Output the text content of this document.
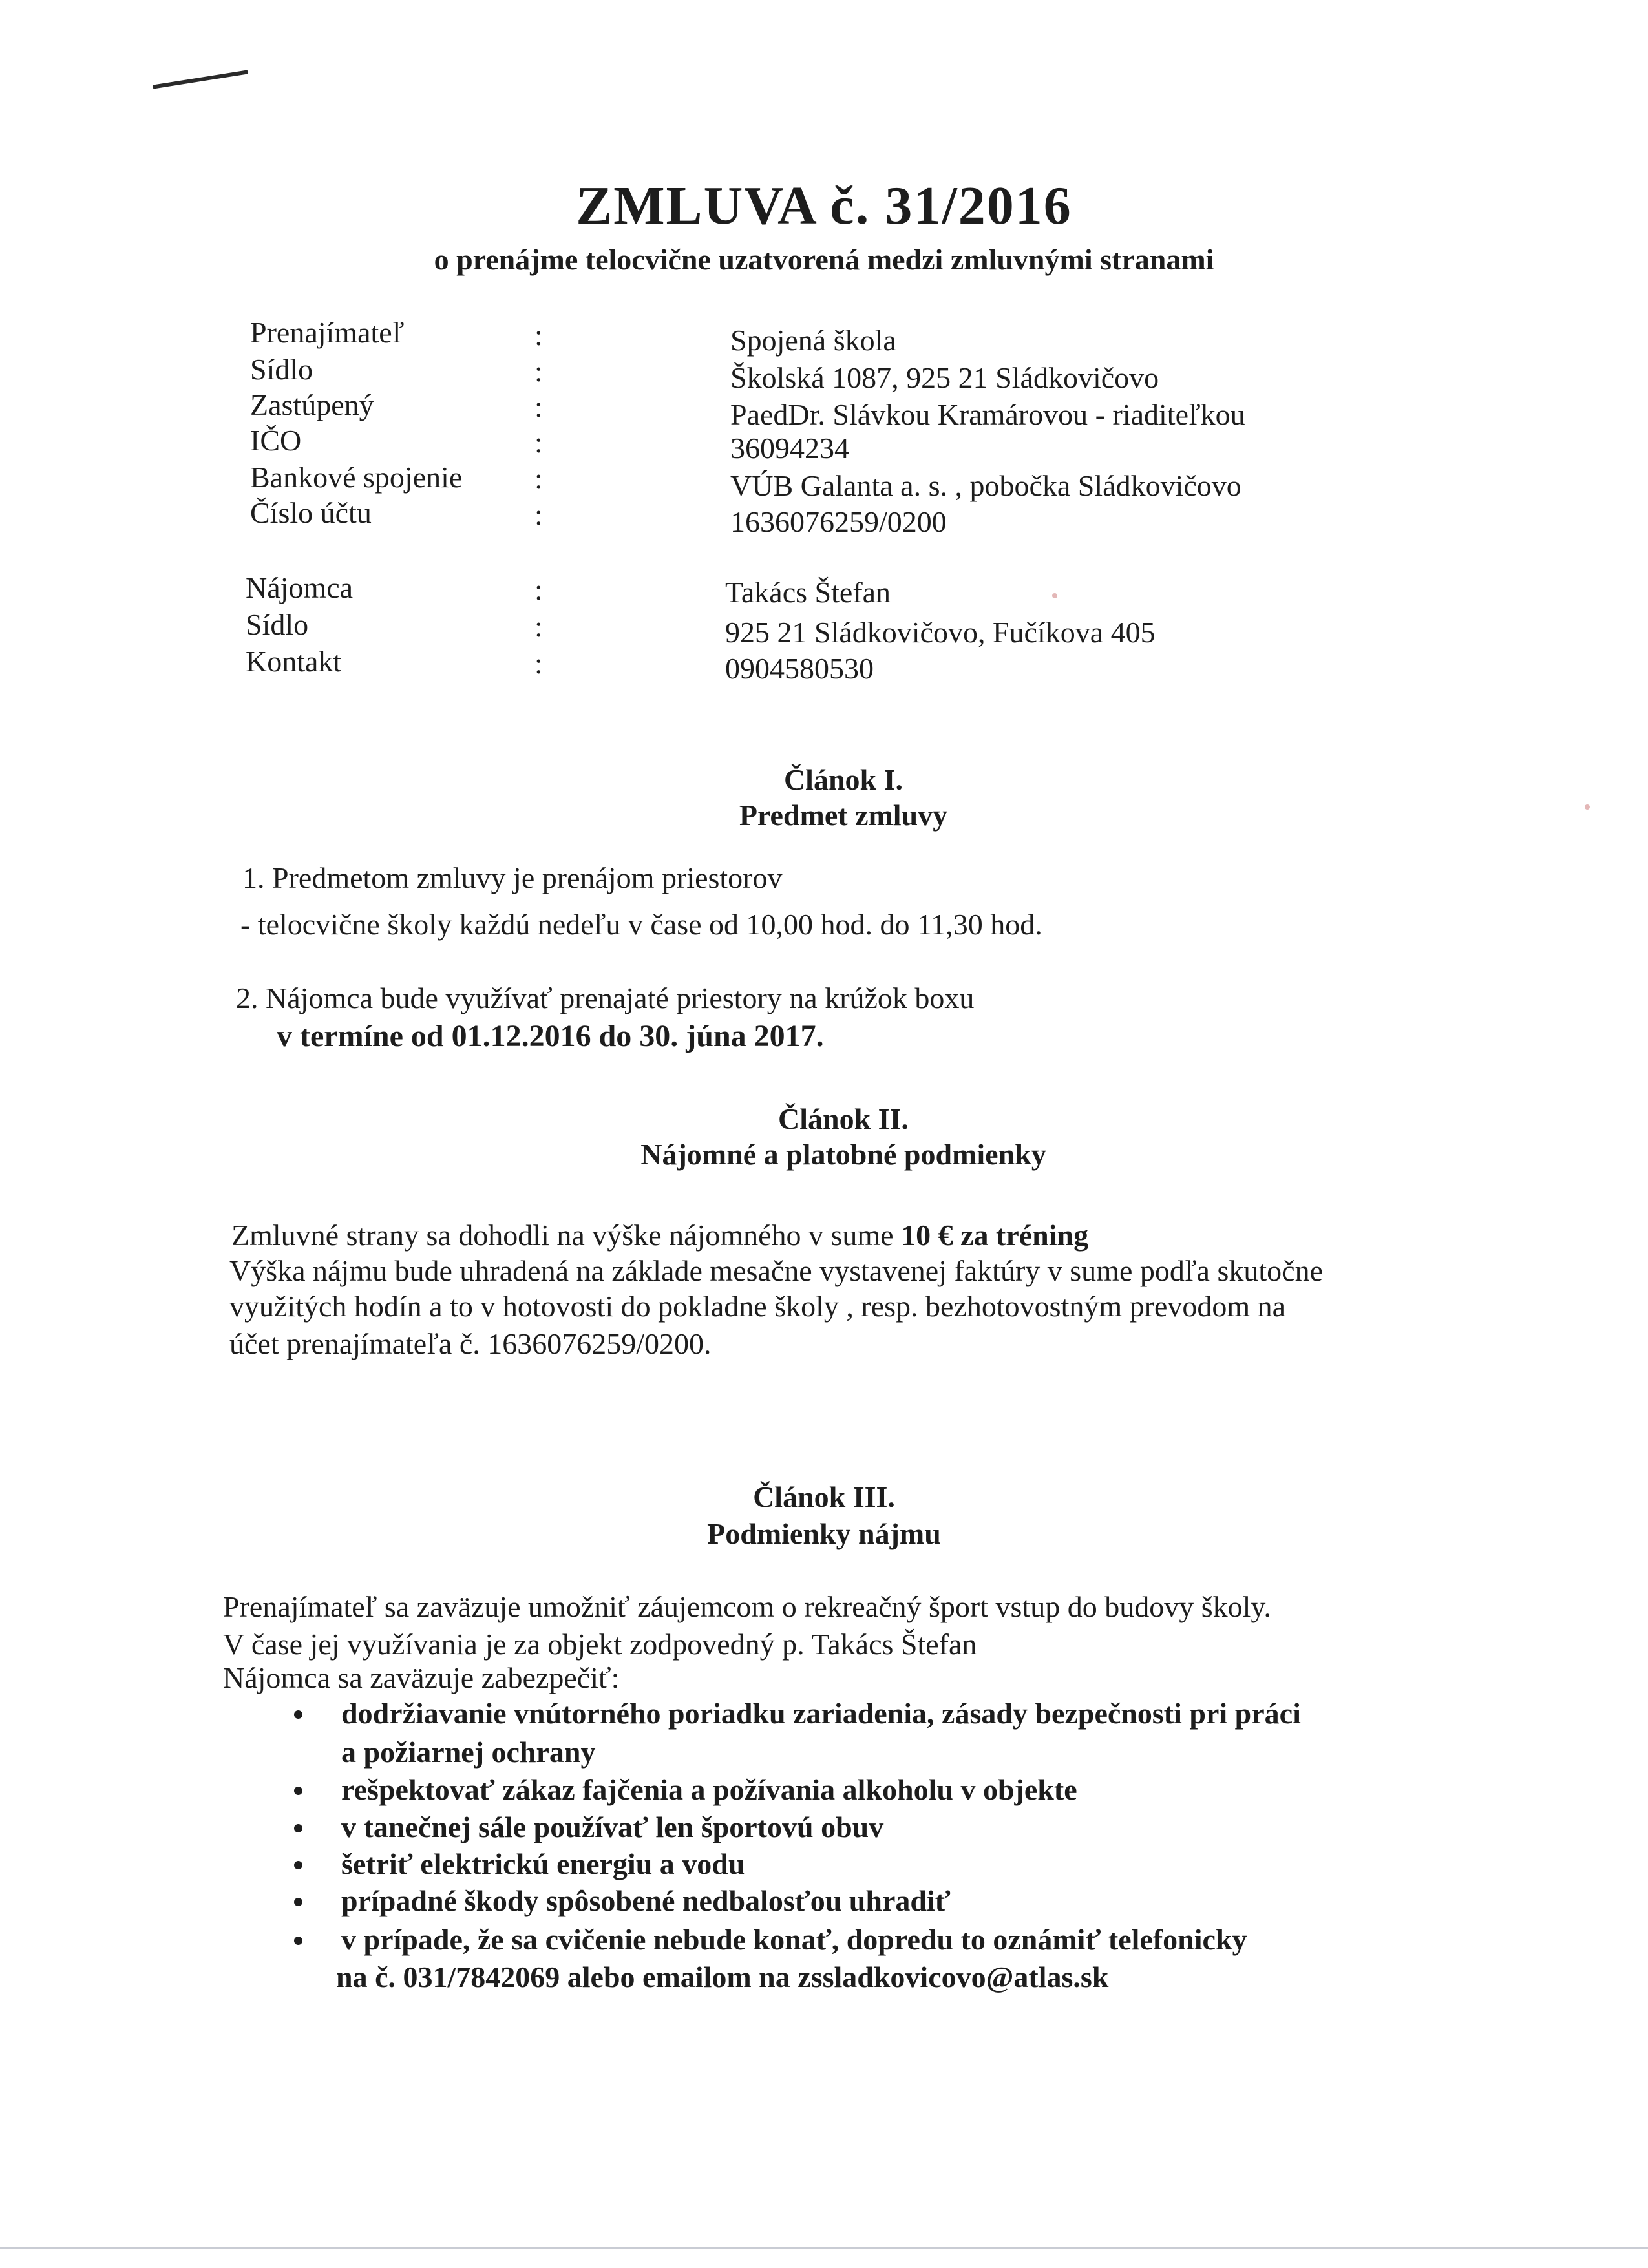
ZMLUVA č. 31/2016
o prenájme telocvične uzatvorená medzi zmluvnými stranami
Prenajímateľ	:	Spojená škola
Sídlo	:	Školská 1087, 925 21 Sládkovičovo
Zastúpený	:	PaedDr. Slávkou Kramárovou - riaditeľkou
IČO	:	36094234
Bankové spojenie :	VÚB Galanta a. s. , pobočka Sládkovičovo
Číslo účtu	:	1636076259/0200
Nájomca	:	Takács Štefan
Sídlo	:	925 21 Sládkovičovo, Fučíkova 405
Kontakt	:	0904580530
Článok I.
Predmet zmluvy
1. Predmetom zmluvy je prenájom priestorov
- telocvične školy každú nedeľu v čase od 10,00 hod. do 11,30 hod.
2. Nájomca bude využívať prenajaté priestory na krúžok boxu
v termíne od 01.12.2016 do 30. júna 2017.
Článok II.
Nájomné a platobné podmienky
Zmluvné strany sa dohodli na výške nájomného v sume 10 € za tréning
Výška nájmu bude uhradená na základe mesačne vystavenej faktúry v sume podľa skutočne
využitých hodín a to v hotovosti do pokladne školy , resp. bezhotovostným prevodom na
účet prenajímateľa č. 1636076259/0200.
Článok III.
Podmienky nájmu
Prenajímateľ sa zaväzuje umožniť záujemcom o rekreačný šport vstup do budovy školy.
V čase jej využívania je za objekt zodpovedný p. Takács Štefan
Nájomca sa zaväzuje zabezpečiť:
dodržiavanie vnútorného poriadku zariadenia, zásady bezpečnosti pri práci
a požiarnej ochrany
rešpektovať zákaz fajčenia a požívania alkoholu v objekte
v tanečnej sále používať len športovú obuv
šetriť elektrickú energiu a vodu
prípadné škody spôsobené nedbalosťou uhradiť
v prípade, že sa cvičenie nebude konať, dopredu to oznámiť telefonicky
na č. 031/7842069 alebo emailom na zssladkovicovo@atlas.sk
